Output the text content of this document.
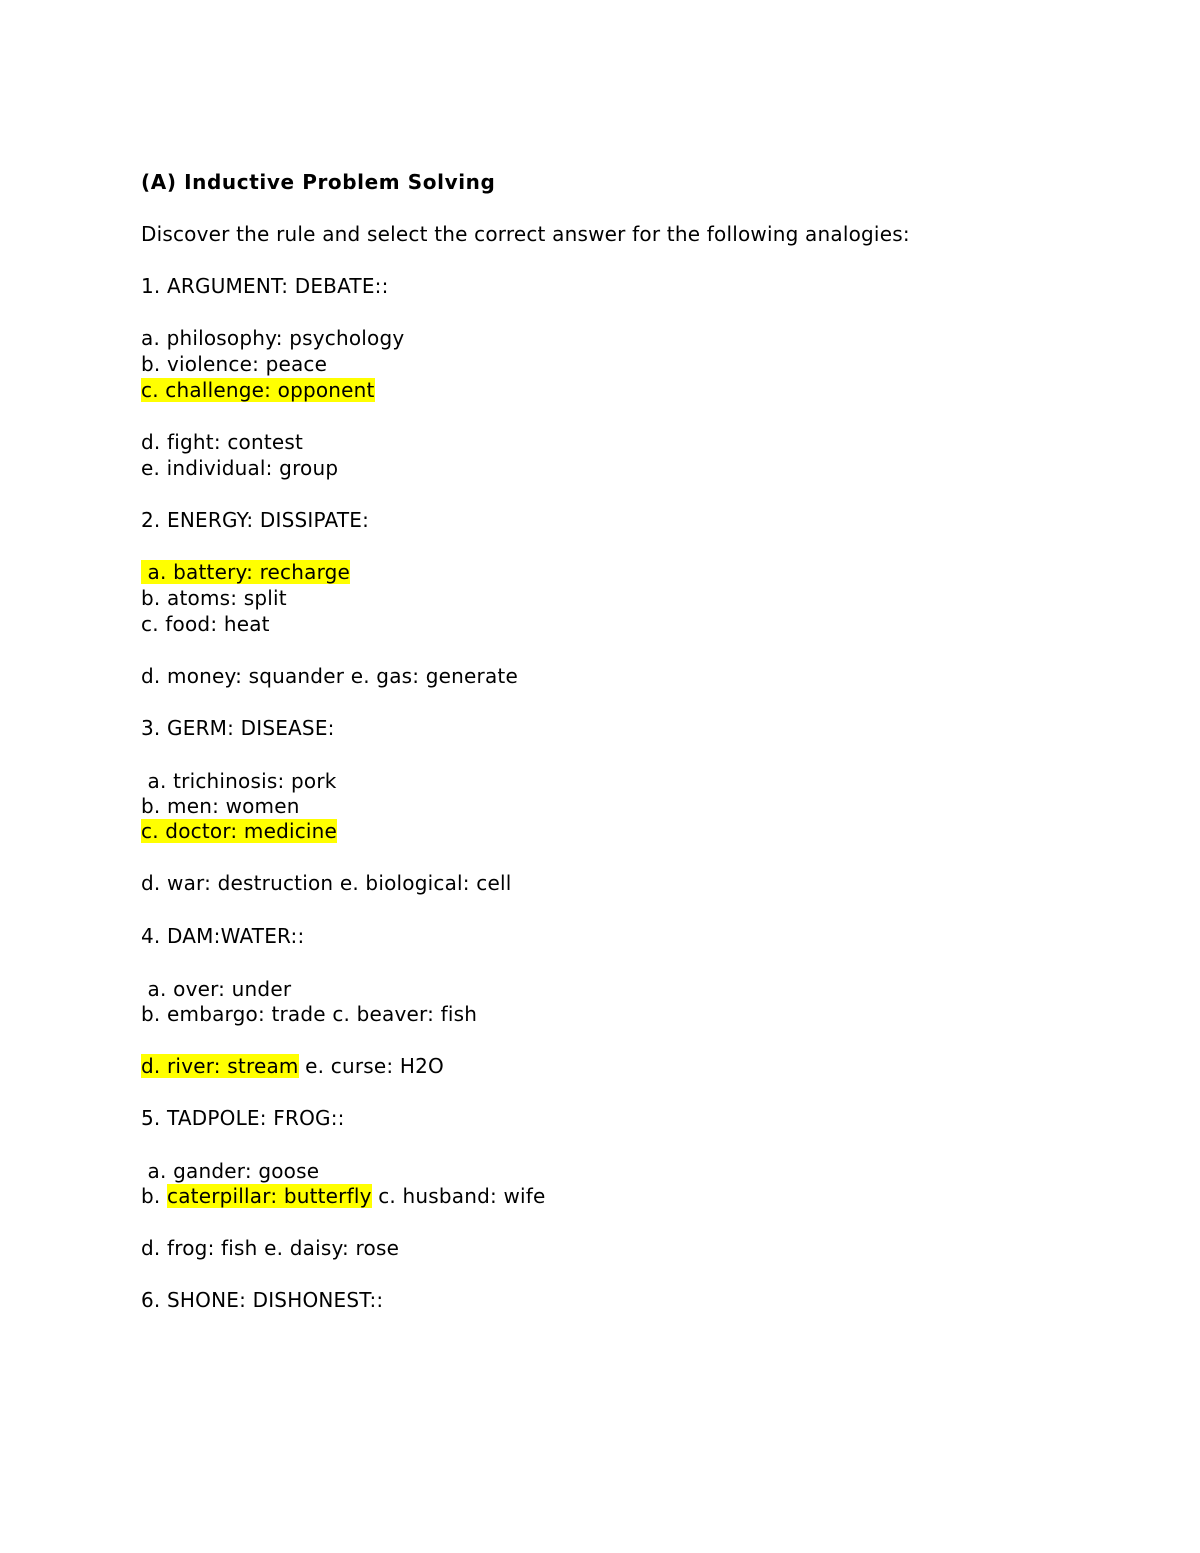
(A) Inductive Problem Solving

Discover the rule and select the correct answer for the following analogies:

1. ARGUMENT: DEBATE::

a. philosophy: psychology

b. violence: peace

c. challenge: opponent

d. fight: contest

e. individual: group

2. ENERGY: DISSIPATE:

a. battery: recharge

b. atoms: split

c. food: heat

d. money: squander e. gas: generate

3. GERM: DISEASE:

a. trichinosis: pork

b. men: women

c. doctor: medicine

d. war: destruction e. biological: cell

4. DAM:WATER::

a. over: under

b. embargo: trade c. beaver: fish

d. river: stream e. curse: H2O

5. TADPOLE: FROG::

a. gander: goose

b. caterpillar: butterfly c. husband: wife

d. frog: fish e. daisy: rose

6. SHONE: DISHONEST::
